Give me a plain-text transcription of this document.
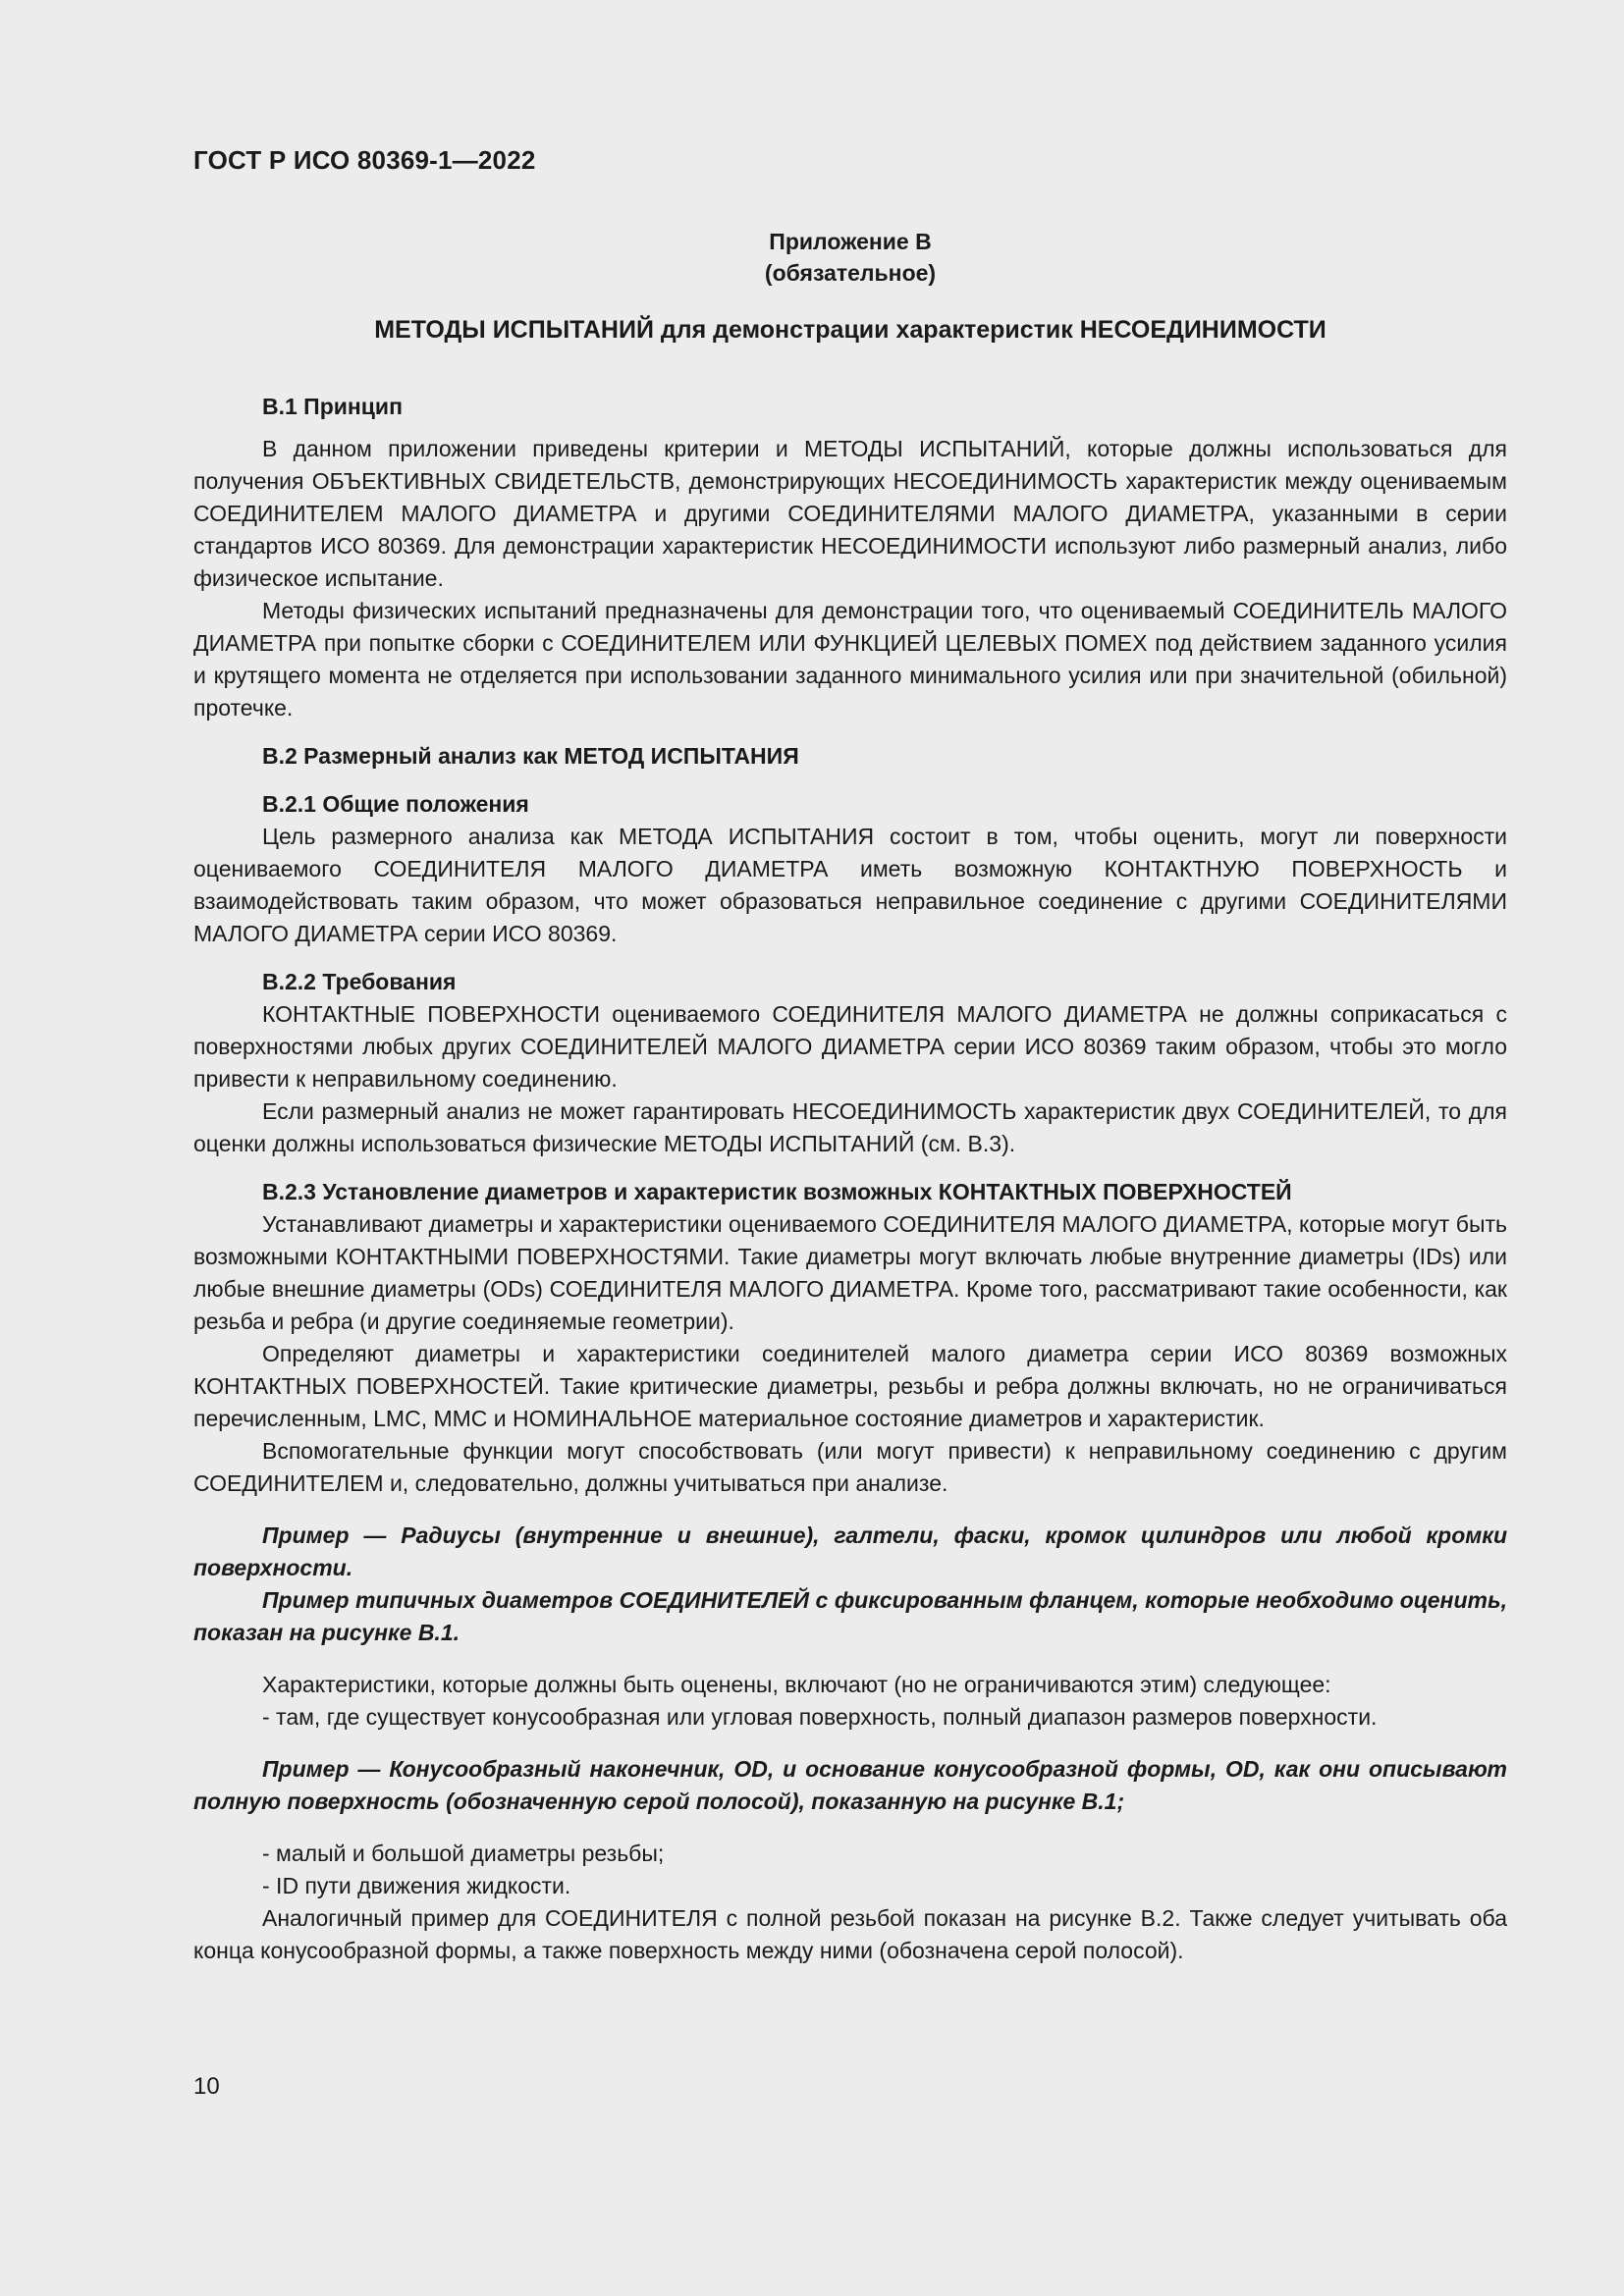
ГОСТ Р ИСО 80369-1—2022
Приложение В
(обязательное)
МЕТОДЫ ИСПЫТАНИЙ для демонстрации характеристик НЕСОЕДИНИМОСТИ

В.1 Принцип

В данном приложении приведены критерии и МЕТОДЫ ИСПЫТАНИЙ, которые должны использоваться для получения ОБЪЕКТИВНЫХ СВИДЕТЕЛЬСТВ, демонстрирующих НЕСОЕДИНИМОСТЬ характеристик между оцениваемым СОЕДИНИТЕЛЕМ МАЛОГО ДИАМЕТРА и другими СОЕДИНИТЕЛЯМИ МАЛОГО ДИАМЕТРА, указанными в серии стандартов ИСО 80369. Для демонстрации характеристик НЕСОЕДИНИМОСТИ используют либо размерный анализ, либо физическое испытание.

Методы физических испытаний предназначены для демонстрации того, что оцениваемый СОЕДИНИТЕЛЬ МАЛОГО ДИАМЕТРА при попытке сборки с СОЕДИНИТЕЛЕМ ИЛИ ФУНКЦИЕЙ ЦЕЛЕВЫХ ПОМЕХ под действием заданного усилия и крутящего момента не отделяется при использовании заданного минимального усилия или при значительной (обильной) протечке.

В.2 Размерный анализ как МЕТОД ИСПЫТАНИЯ

В.2.1 Общие положения

Цель размерного анализа как МЕТОДА ИСПЫТАНИЯ состоит в том, чтобы оценить, могут ли поверхности оцениваемого СОЕДИНИТЕЛЯ МАЛОГО ДИАМЕТРА иметь возможную КОНТАКТНУЮ ПОВЕРХНОСТЬ и взаимодействовать таким образом, что может образоваться неправильное соединение с другими СОЕДИНИТЕЛЯМИ МАЛОГО ДИАМЕТРА серии ИСО 80369.

В.2.2 Требования

КОНТАКТНЫЕ ПОВЕРХНОСТИ оцениваемого СОЕДИНИТЕЛЯ МАЛОГО ДИАМЕТРА не должны соприкасаться с поверхностями любых других СОЕДИНИТЕЛЕЙ МАЛОГО ДИАМЕТРА серии ИСО 80369 таким образом, чтобы это могло привести к неправильному соединению.

Если размерный анализ не может гарантировать НЕСОЕДИНИМОСТЬ характеристик двух СОЕДИНИТЕЛЕЙ, то для оценки должны использоваться физические МЕТОДЫ ИСПЫТАНИЙ (см. В.3).

В.2.3 Установление диаметров и характеристик возможных КОНТАКТНЫХ ПОВЕРХНОСТЕЙ

Устанавливают диаметры и характеристики оцениваемого СОЕДИНИТЕЛЯ МАЛОГО ДИАМЕТРА, которые могут быть возможными КОНТАКТНЫМИ ПОВЕРХНОСТЯМИ. Такие диаметры могут включать любые внутренние диаметры (IDs) или любые внешние диаметры (ODs) СОЕДИНИТЕЛЯ МАЛОГО ДИАМЕТРА. Кроме того, рассматривают такие особенности, как резьба и ребра (и другие соединяемые геометрии).

Определяют диаметры и характеристики соединителей малого диаметра серии ИСО 80369 возможных КОНТАКТНЫХ ПОВЕРХНОСТЕЙ. Такие критические диаметры, резьбы и ребра должны включать, но не ограничиваться перечисленным, LMC, MMC и НОМИНАЛЬНОЕ материальное состояние диаметров и характеристик.

Вспомогательные функции могут способствовать (или могут привести) к неправильному соединению с другим СОЕДИНИТЕЛЕМ и, следовательно, должны учитываться при анализе.

Пример — Радиусы (внутренние и внешние), галтели, фаски, кромок цилиндров или любой кромки поверхности.

Пример типичных диаметров СОЕДИНИТЕЛЕЙ с фиксированным фланцем, которые необходимо оценить, показан на рисунке В.1.

Характеристики, которые должны быть оценены, включают (но не ограничиваются этим) следующее:

- там, где существует конусообразная или угловая поверхность, полный диапазон размеров поверхности.

Пример — Конусообразный наконечник, OD, и основание конусообразной формы, OD, как они описывают полную поверхность (обозначенную серой полосой), показанную на рисунке В.1;

- малый и большой диаметры резьбы;

- ID пути движения жидкости.

Аналогичный пример для СОЕДИНИТЕЛЯ с полной резьбой показан на рисунке В.2. Также следует учитывать оба конца конусообразной формы, а также поверхность между ними (обозначена серой полосой).

10
